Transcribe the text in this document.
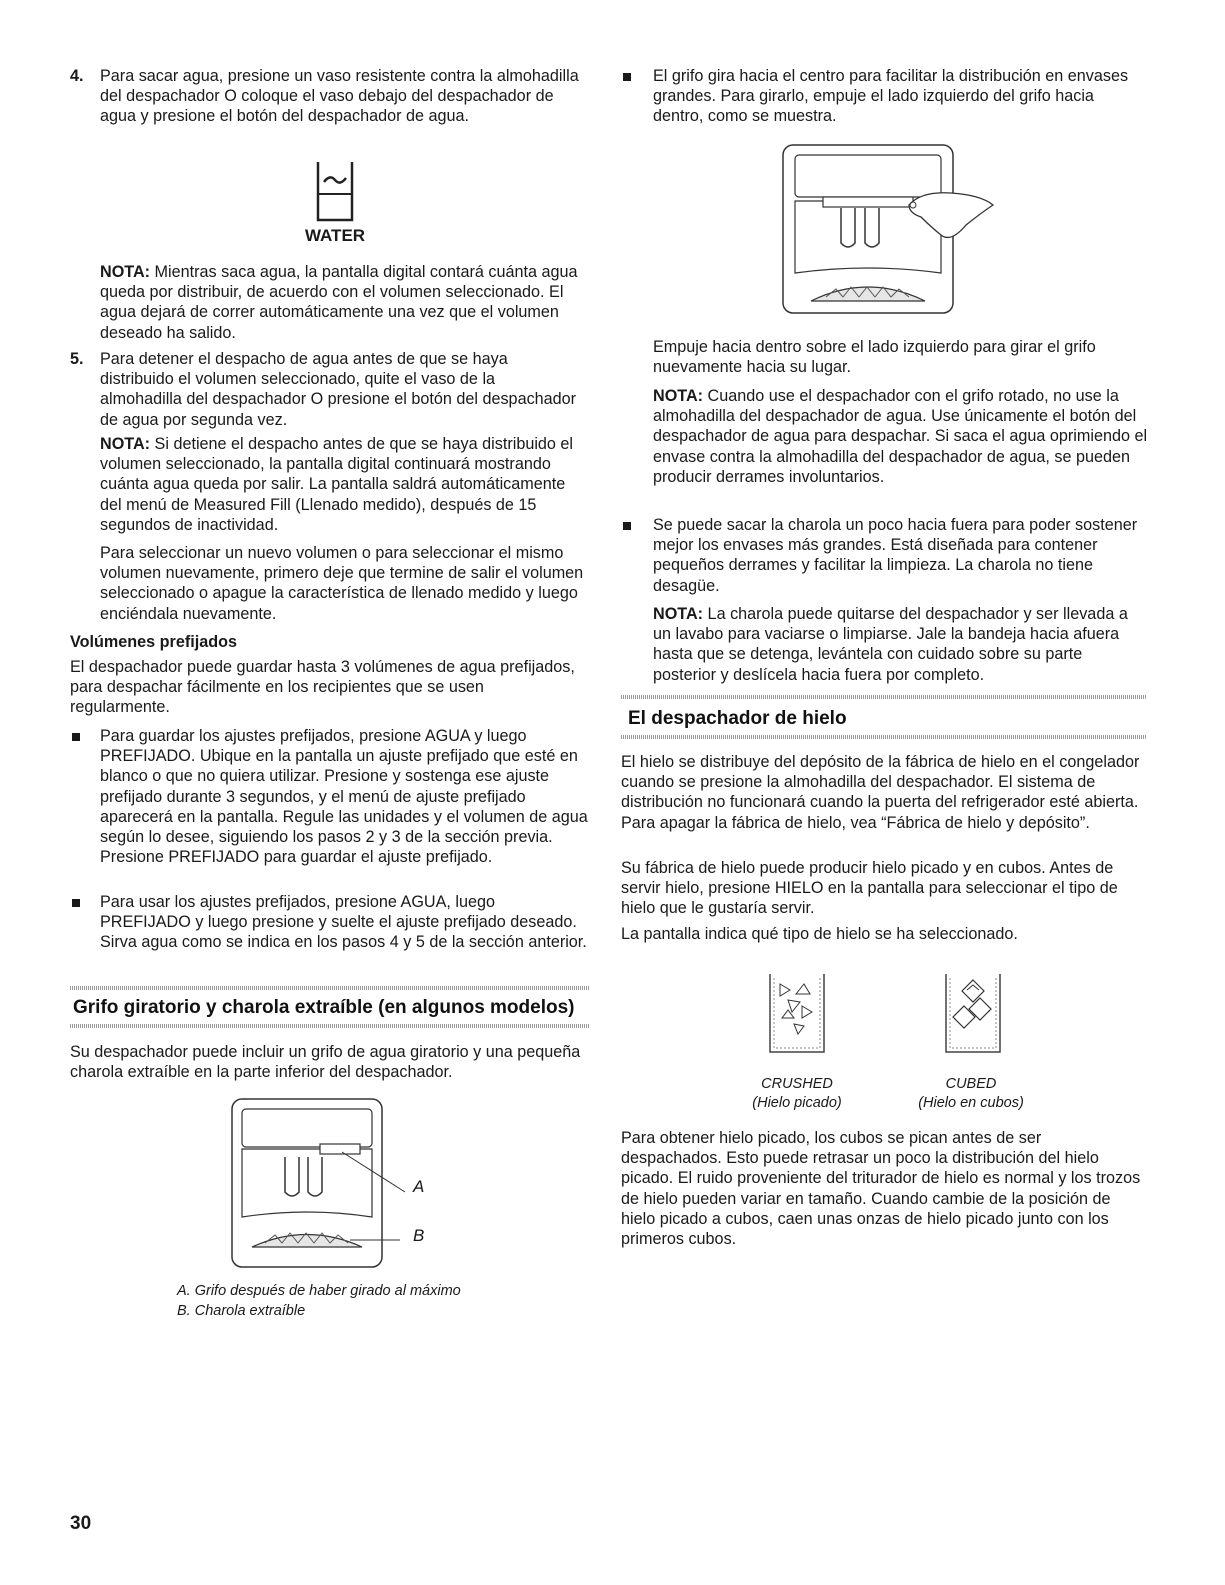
4. Para sacar agua, presione un vaso resistente contra la almohadilla del despachador O coloque el vaso debajo del despachador de agua y presione el botón del despachador de agua.

WATER

NOTA: Mientras saca agua, la pantalla digital contará cuánta agua queda por distribuir, de acuerdo con el volumen seleccionado. El agua dejará de correr automáticamente una vez que el volumen deseado ha salido.

5. Para detener el despacho de agua antes de que se haya distribuido el volumen seleccionado, quite el vaso de la almohadilla del despachador O presione el botón del despachador de agua por segunda vez.

NOTA: Si detiene el despacho antes de que se haya distribuido el volumen seleccionado, la pantalla digital continuará mostrando cuánta agua queda por salir. La pantalla saldrá automáticamente del menú de Measured Fill (Llenado medido), después de 15 segundos de inactividad.

Para seleccionar un nuevo volumen o para seleccionar el mismo volumen nuevamente, primero deje que termine de salir el volumen seleccionado o apague la característica de llenado medido y luego enciéndala nuevamente.

Volúmenes prefijados

El despachador puede guardar hasta 3 volúmenes de agua prefijados, para despachar fácilmente en los recipientes que se usen regularmente.

Para guardar los ajustes prefijados, presione AGUA y luego PREFIJADO. Ubique en la pantalla un ajuste prefijado que esté en blanco o que no quiera utilizar. Presione y sostenga ese ajuste prefijado durante 3 segundos, y el menú de ajuste prefijado aparecerá en la pantalla. Regule las unidades y el volumen de agua según lo desee, siguiendo los pasos 2 y 3 de la sección previa. Presione PREFIJADO para guardar el ajuste prefijado.

Para usar los ajustes prefijados, presione AGUA, luego PREFIJADO y luego presione y suelte el ajuste prefijado deseado. Sirva agua como se indica en los pasos 4 y 5 de la sección anterior.

Grifo giratorio y charola extraíble (en algunos modelos)

Su despachador puede incluir un grifo de agua giratorio y una pequeña charola extraíble en la parte inferior del despachador.

A
B
A. Grifo después de haber girado al máximo
B. Charola extraíble

El grifo gira hacia el centro para facilitar la distribución en envases grandes. Para girarlo, empuje el lado izquierdo del grifo hacia dentro, como se muestra.

Empuje hacia dentro sobre el lado izquierdo para girar el grifo nuevamente hacia su lugar.

NOTA: Cuando use el despachador con el grifo rotado, no use la almohadilla del despachador de agua. Use únicamente el botón del despachador de agua para despachar. Si saca el agua oprimiendo el envase contra la almohadilla del despachador de agua, se pueden producir derrames involuntarios.

Se puede sacar la charola un poco hacia fuera para poder sostener mejor los envases más grandes. Está diseñada para contener pequeños derrames y facilitar la limpieza. La charola no tiene desagüe.

NOTA: La charola puede quitarse del despachador y ser llevada a un lavabo para vaciarse o limpiarse. Jale la bandeja hacia afuera hasta que se detenga, levántela con cuidado sobre su parte posterior y deslícela hacia fuera por completo.

El despachador de hielo

El hielo se distribuye del depósito de la fábrica de hielo en el congelador cuando se presione la almohadilla del despachador. El sistema de distribución no funcionará cuando la puerta del refrigerador esté abierta. Para apagar la fábrica de hielo, vea “Fábrica de hielo y depósito”.

Su fábrica de hielo puede producir hielo picado y en cubos. Antes de servir hielo, presione HIELO en la pantalla para seleccionar el tipo de hielo que le gustaría servir.

La pantalla indica qué tipo de hielo se ha seleccionado.

CRUSHED
(Hielo picado)
CUBED
(Hielo en cubos)

Para obtener hielo picado, los cubos se pican antes de ser despachados. Esto puede retrasar un poco la distribución del hielo picado. El ruido proveniente del triturador de hielo es normal y los trozos de hielo pueden variar en tamaño. Cuando cambie de la posición de hielo picado a cubos, caen unas onzas de hielo picado junto con los primeros cubos.

30
